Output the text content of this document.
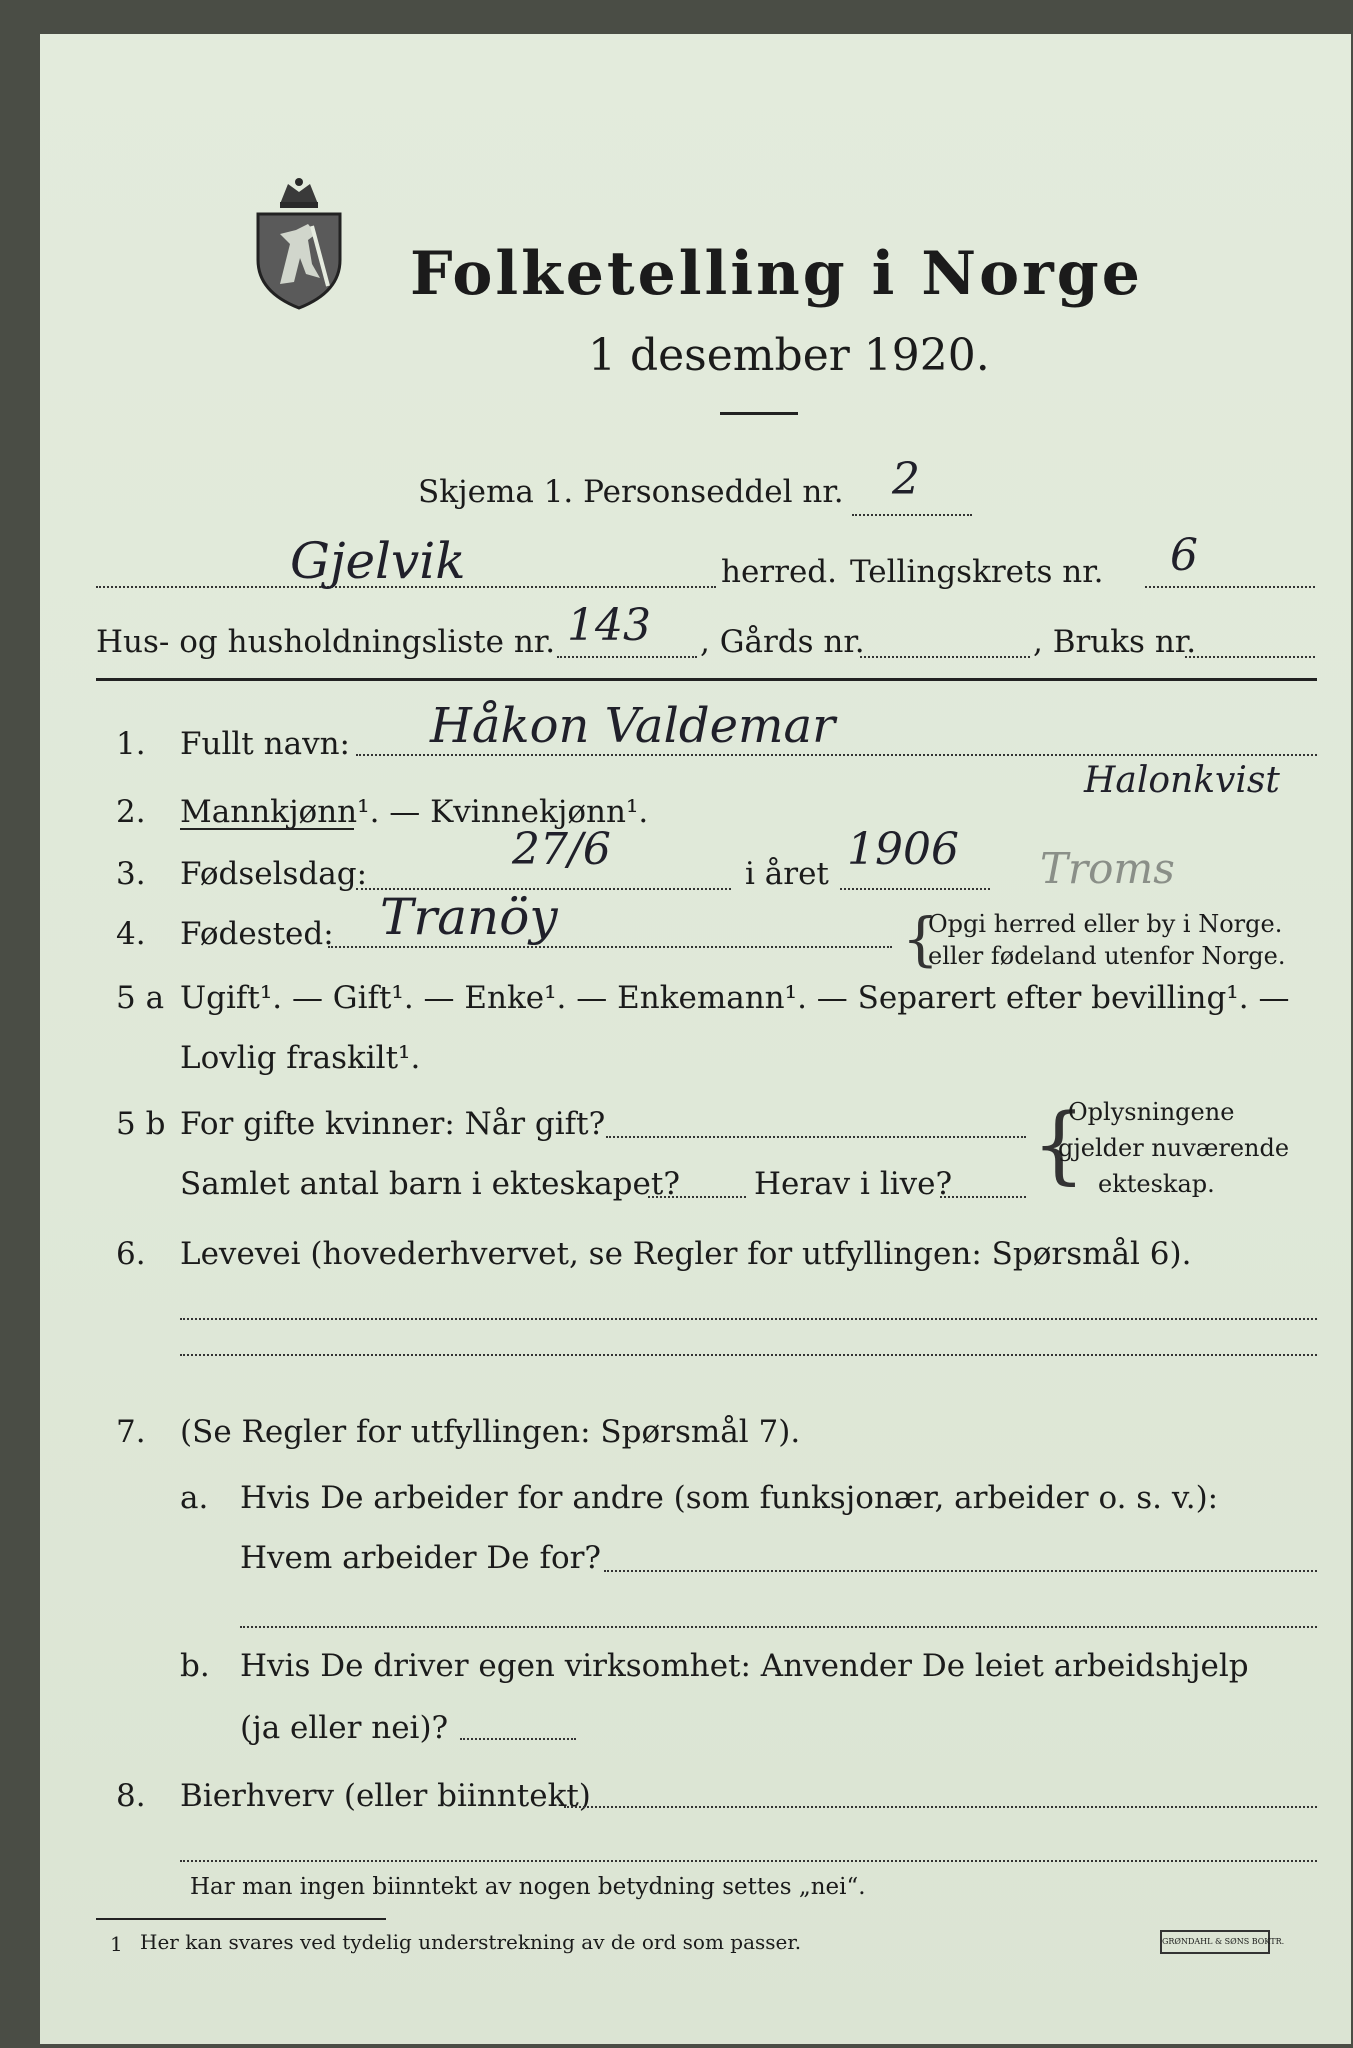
Folketelling i Norge
1 desember 1920.
Skjema 1. Personseddel nr. 2
Gjelvik	herred. Tellingskrets nr. 6
Hus- og husholdningsliste nr. 143 , Gårds nr.	, Bruks nr.
1. Fullt navn: Håkon Valdemar
Halonkvist
2. Mannkjønn¹. — Kvinnekjønn¹.
3. Fødselsdag:	27/6	i året 1906 Troms
4. Fødested: Tranöy	{
Opgi herred eller by i Norge.
eller fødeland utenfor Norge.
5 a Ugift¹. — Gift¹. — Enke¹. — Enkemann¹. — Separert efter bevilling¹. —
Lovlig fraskilt¹.
5 b For gifte kvinner: Når gift?
Samlet antal barn i ekteskapet? Herav i live? {
Oplysningene
gjelder nuværende
ekteskap.
6. Levevei (hovederhvervet, se Regler for utfyllingen: Spørsmål 6).
7. (Se Regler for utfyllingen: Spørsmål 7).
a. Hvis De arbeider for andre (som funksjonær, arbeider o. s. v.):
Hvem arbeider De for?
b. Hvis De driver egen virksomhet: Anvender De leiet arbeidshjelp
(ja eller nei)?
8. Bierhverv (eller biinntekt)
Har man ingen biinntekt av nogen betydning settes „nei“.
1 Her kan svares ved tydelig understrekning av de ord som passer.	GRØNDAHL & SØNS BOKTR.
